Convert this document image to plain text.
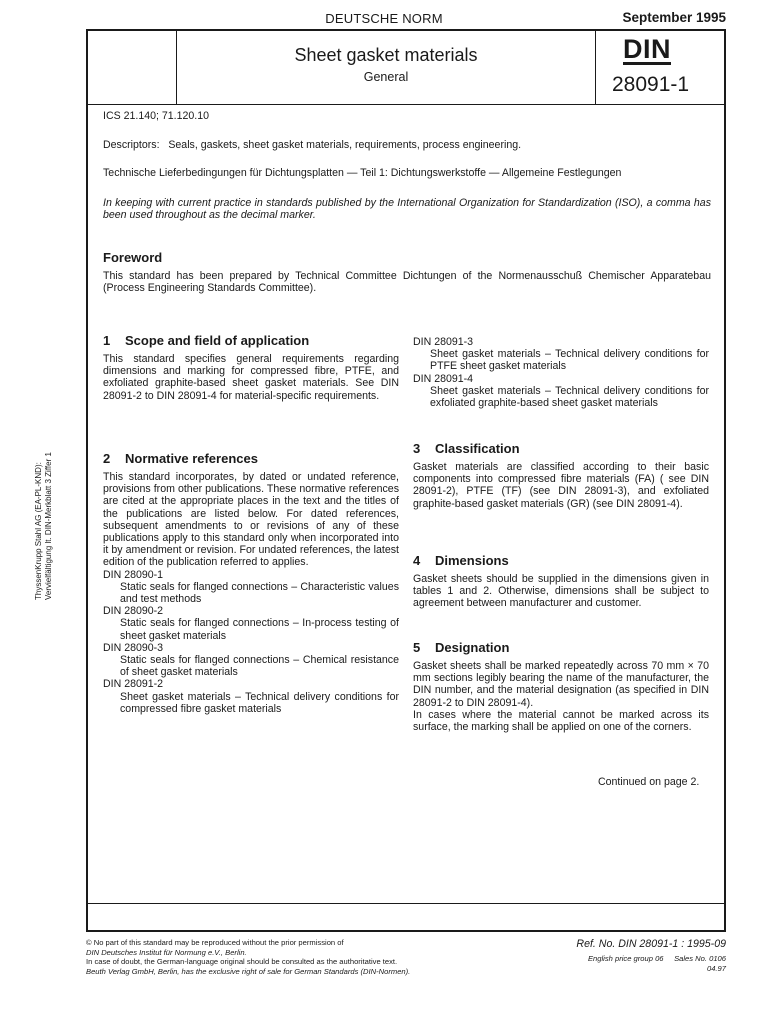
DEUTSCHE NORM	September 1995
Sheet gasket materials
General
DIN
28091-1
ICS 21.140; 71.120.10
Descriptors:   Seals, gaskets, sheet gasket materials, requirements, process engineering.
Technische Lieferbedingungen für Dichtungsplatten — Teil 1: Dichtungswerkstoffe — Allgemeine Festlegungen
In keeping with current practice in standards published by the International Organization for Standardization (ISO), a comma has been used throughout as the decimal marker.
Foreword
This standard has been prepared by Technical Committee Dichtungen of the Normenausschuß Chemischer Apparatebau (Process Engineering Standards Committee).
1 Scope and field of application
This standard specifies general requirements regarding dimensions and marking for compressed fibre, PTFE, and exfoliated graphite-based sheet gasket materials. See DIN 28091-2 to DIN 28091-4 for material-specific requirements.
2 Normative references
This standard incorporates, by dated or undated reference, provisions from other publications. These normative references are cited at the appropriate places in the text and the titles of the publications are listed below. For dated references, subsequent amendments to or revisions of any of these publications apply to this standard only when incorporated into it by amendment or revision. For undated references, the latest edition of the publication referred to applies.
DIN 28090-1
Static seals for flanged connections – Characteristic values and test methods
DIN 28090-2
Static seals for flanged connections – In-process testing of sheet gasket materials
DIN 28090-3
Static seals for flanged connections – Chemical resistance of sheet gasket materials
DIN 28091-2
Sheet gasket materials – Technical delivery conditions for compressed fibre gasket materials
DIN 28091-3
Sheet gasket materials – Technical delivery conditions for PTFE sheet gasket materials
DIN 28091-4
Sheet gasket materials – Technical delivery conditions for exfoliated graphite-based sheet gasket materials
3 Classification
Gasket materials are classified according to their basic components into compressed fibre materials (FA) ( see DIN 28091-2), PTFE (TF) (see DIN 28091-3), and exfoliated graphite-based gasket materials (GR) (see DIN 28091-4).
4 Dimensions
Gasket sheets should be supplied in the dimensions given in tables 1 and 2. Otherwise, dimensions shall be subject to agreement between manufacturer and customer.
5 Designation
Gasket sheets shall be marked repeatedly across 70 mm × 70 mm sections legibly bearing the name of the manufacturer, the DIN number, and the material designation (as specified in DIN 28091-2 to DIN 28091-4).
In cases where the material cannot be marked across its surface, the marking shall be applied on one of the corners.
Continued on page 2.
© No part of this standard may be reproduced without the prior permission of
DIN Deutsches Institut für Normung e.V., Berlin.
In case of doubt, the German-language original should be consulted as the authoritative text.
Beuth Verlag GmbH, Berlin, has the exclusive right of sale for German Standards (DIN-Normen).
Ref. No. DIN 28091-1 : 1995-09
English price group 06     Sales No. 0106
04.97
ThyssenKrupp Stahl AG (EA-PL-KND): Vervielfältigung lt. DIN-Merkblatt 3 Ziffer 1
